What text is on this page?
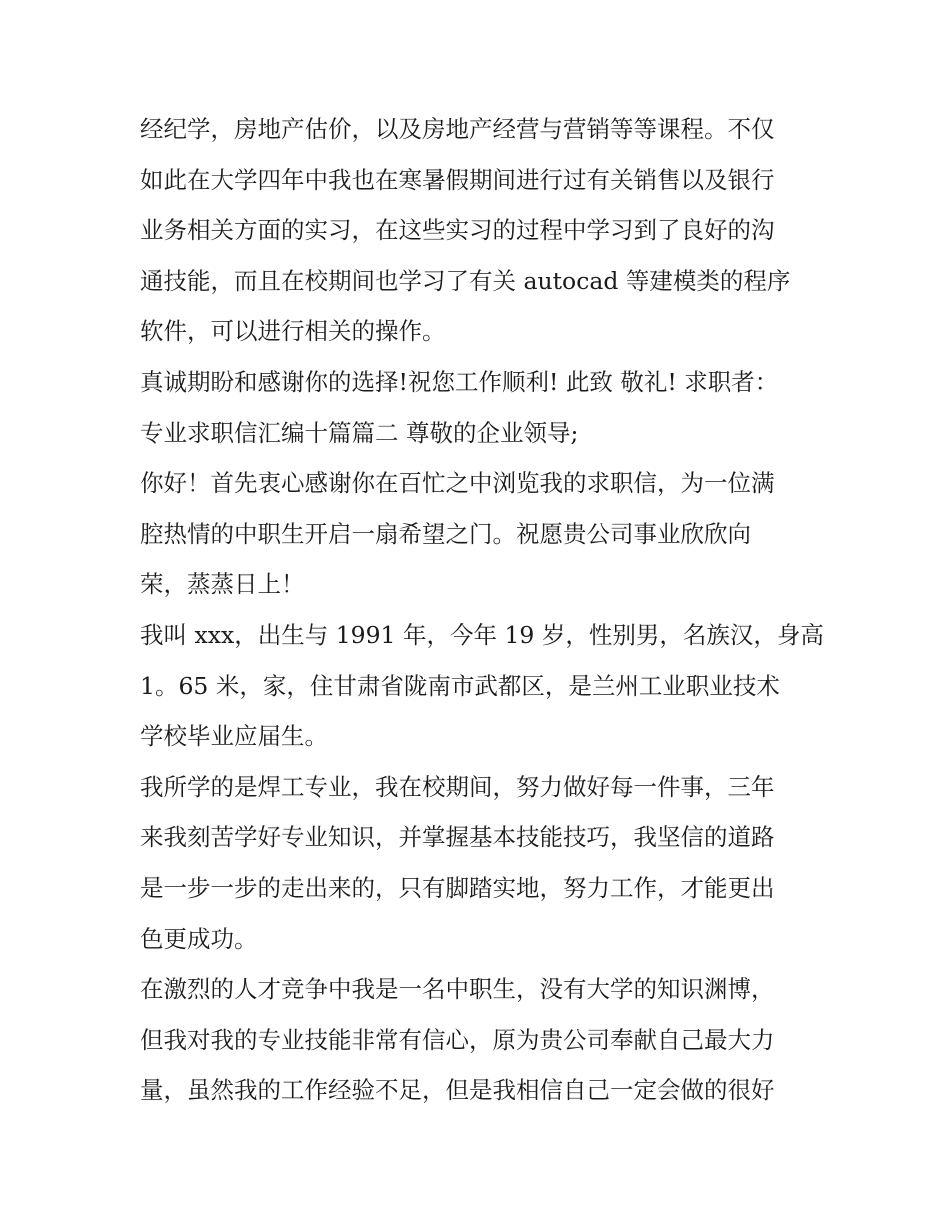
经纪学，房地产估价，以及房地产经营与营销等等课程。不仅
如此在大学四年中我也在寒暑假期间进行过有关销售以及银行
业务相关方面的实习，在这些实习的过程中学习到了良好的沟
通技能，而且在校期间也学习了有关 autocad 等建模类的程序
软件，可以进行相关的操作。

真诚期盼和感谢你的选择!祝您工作顺利! 此致 敬礼! 求职者：

专业求职信汇编十篇篇二 尊敬的企业领导;

你好！首先衷心感谢你在百忙之中浏览我的求职信，为一位满
腔热情的中职生开启一扇希望之门。祝愿贵公司事业欣欣向
荣，蒸蒸日上！

我叫 xxx，出生与 1991 年，今年 19 岁，性别男，名族汉，身高
1。65 米，家，住甘肃省陇南市武都区，是兰州工业职业技术
学校毕业应届生。

我所学的是焊工专业，我在校期间，努力做好每一件事，三年
来我刻苦学好专业知识，并掌握基本技能技巧，我坚信的道路
是一步一步的走出来的，只有脚踏实地，努力工作，才能更出
色更成功。

在激烈的人才竞争中我是一名中职生，没有大学的知识渊博，
但我对我的专业技能非常有信心，原为贵公司奉献自己最大力
量，虽然我的工作经验不足，但是我相信自己一定会做的很好
